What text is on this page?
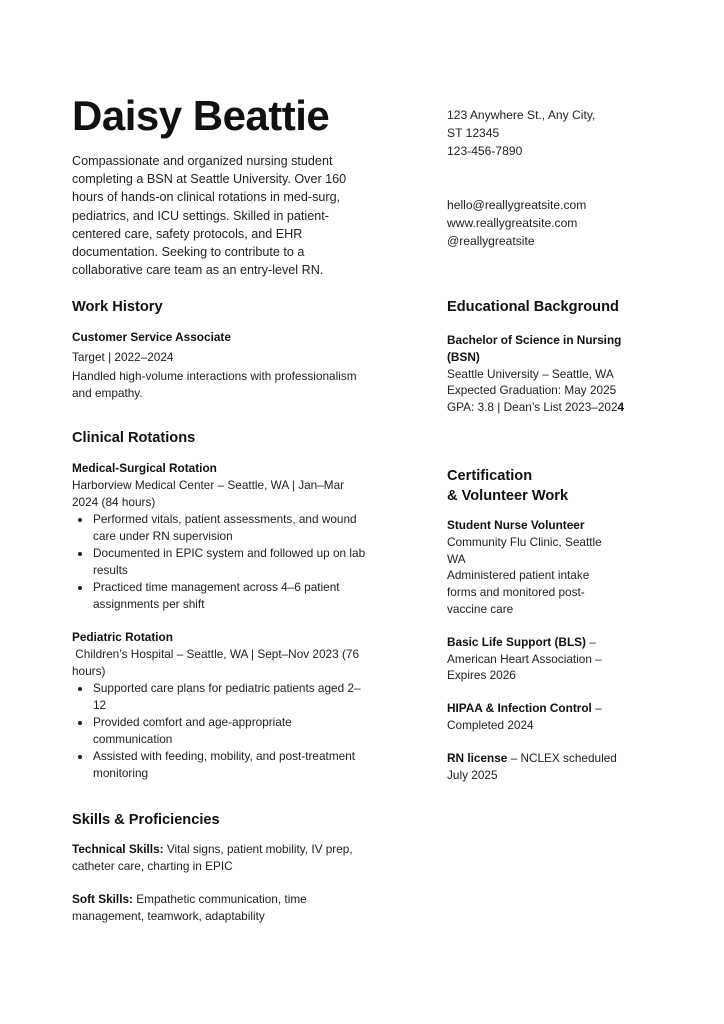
Daisy Beattie

Compassionate and organized nursing student completing a BSN at Seattle University. Over 160 hours of hands-on clinical rotations in med-surg, pediatrics, and ICU settings. Skilled in patient-centered care, safety protocols, and EHR documentation. Seeking to contribute to a collaborative care team as an entry-level RN.

123 Anywhere St., Any City,
ST 12345
123-456-7890
hello@reallygreatsite.com
www.reallygreatsite.com
@reallygreatsite
Work History

Customer Service Associate

Target | 2022–2024

Handled high-volume interactions with professionalism and empathy.

Clinical Rotations

Medical-Surgical Rotation

Harborview Medical Center – Seattle, WA | Jan–Mar 2024 (84 hours)

• Performed vitals, patient assessments, and wound care under RN supervision
• Documented in EPIC system and followed up on lab results
• Practiced time management across 4–6 patient assignments per shift

Pediatric Rotation

Children’s Hospital – Seattle, WA | Sept–Nov 2023 (76 hours)

• Supported care plans for pediatric patients aged 2–12
• Provided comfort and age-appropriate communication
• Assisted with feeding, mobility, and post-treatment monitoring
Skills & Proficiencies

Technical Skills: Vital signs, patient mobility, IV prep, catheter care, charting in EPIC

Soft Skills: Empathetic communication, time management, teamwork, adaptability

Educational Background

Bachelor of Science in Nursing (BSN)

Seattle University – Seattle, WA

Expected Graduation: May 2025

GPA: 3.8 | Dean’s List 2023–2024

Certification
& Volunteer Work

Student Nurse Volunteer

Community Flu Clinic, Seattle WA

Administered patient intake forms and monitored post-vaccine care

Basic Life Support (BLS) – American Heart Association – Expires 2026

HIPAA & Infection Control – Completed 2024

RN license – NCLEX scheduled July 2025
